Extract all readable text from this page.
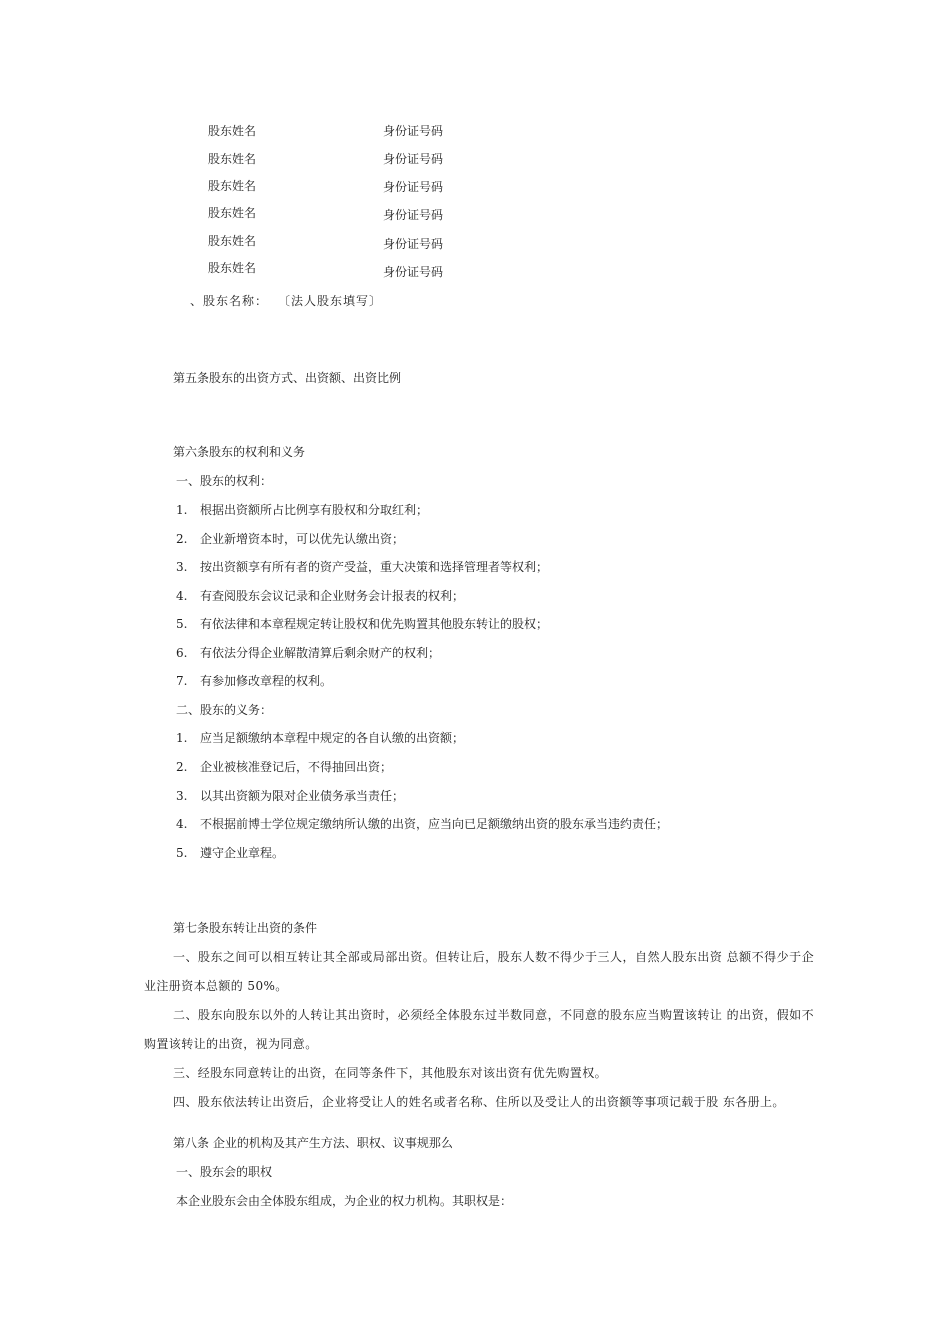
股东姓名	身份证号码
股东姓名	身份证号码
股东姓名	身份证号码
股东姓名	身份证号码
股东姓名	身份证号码
股东姓名	身份证号码
、股东名称： 〔法人股东填写〕
第五条股东的出资方式、出资额、出资比例
第六条股东的权利和义务
一、股东的权利：
1. 根据出资额所占比例享有股权和分取红利；
2. 企业新增资本时，可以优先认缴出资；
3. 按出资额享有所有者的资产受益，重大决策和选择管理者等权利；
4. 有查阅股东会议记录和企业财务会计报表的权利；
5. 有依法律和本章程规定转让股权和优先购置其他股东转让的股权；
6. 有依法分得企业解散清算后剩余财产的权利；
7. 有参加修改章程的权利。
二、股东的义务：
1. 应当足额缴纳本章程中规定的各自认缴的出资额；
2. 企业被核准登记后，不得抽回出资；
3. 以其出资额为限对企业债务承当责任；
4. 不根据前博士学位规定缴纳所认缴的出资，应当向已足额缴纳出资的股东承当违约责任；
5. 遵守企业章程。
第七条股东转让出资的条件
一、股东之间可以相互转让其全部或局部出资。但转让后，股东人数不得少于三人，自然人股东出资 总额不得少于企业注册资本总额的 50%。
二、股东向股东以外的人转让其出资时，必须经全体股东过半数同意，不同意的股东应当购置该转让 的出资，假如不购置该转让的出资，视为同意。
三、经股东同意转让的出资，在同等条件下，其他股东对该出资有优先购置权。
四、股东依法转让出资后，企业将受让人的姓名或者名称、住所以及受让人的出资额等事项记载于股 东各册上。
第八条 企业的机构及其产生方法、职权、议事规那么
一、股东会的职权
本企业股东会由全体股东组成，为企业的权力机构。其职权是：
